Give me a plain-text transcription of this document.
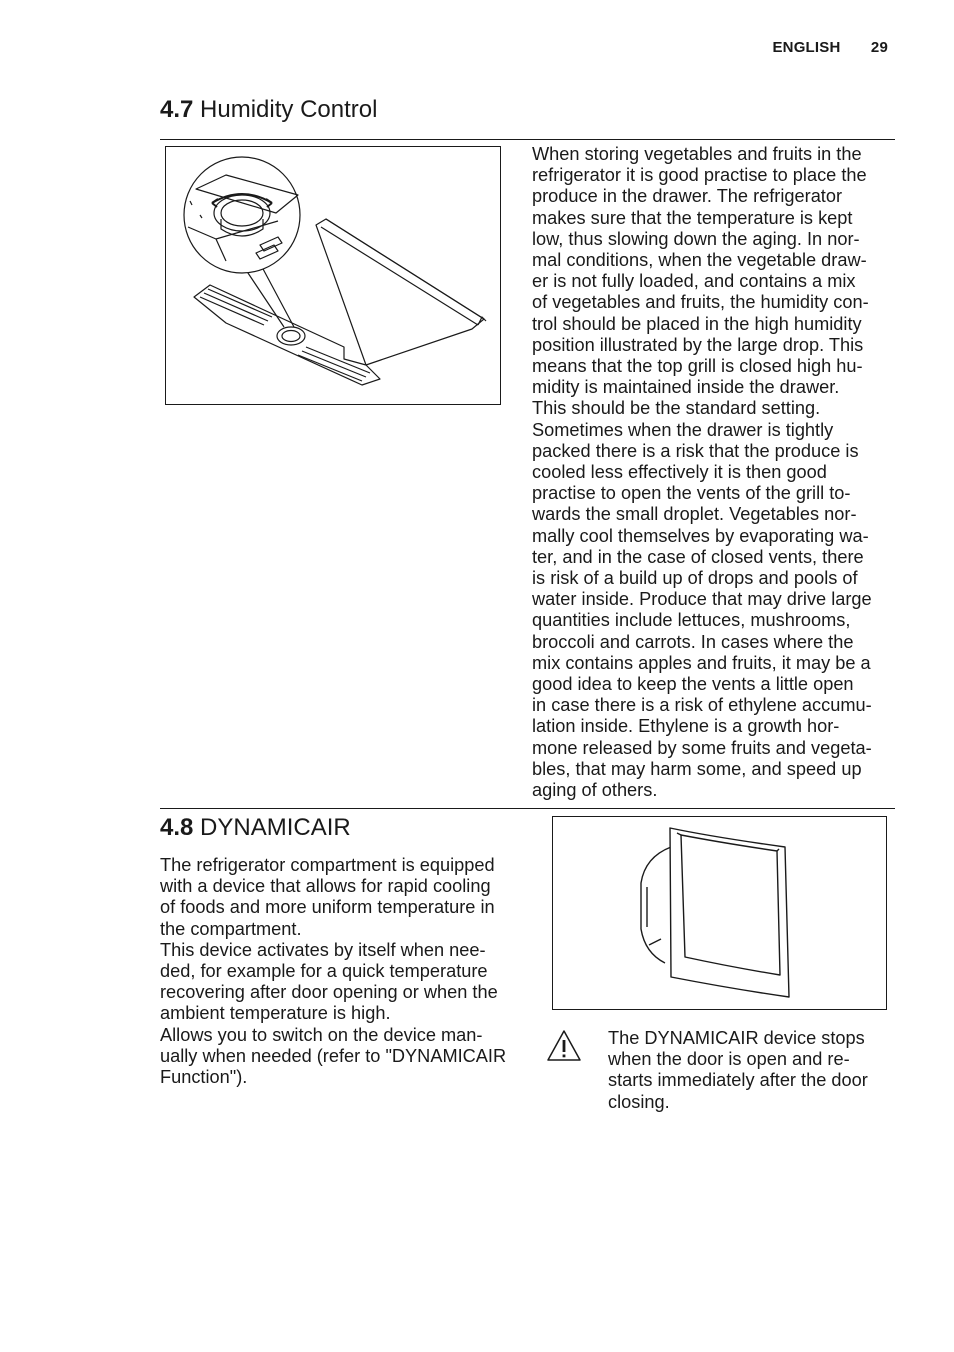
ENGLISH 29
4.7 Humidity Control

When storing vegetables and fruits in the
refrigerator it is good practise to place the
produce in the drawer. The refrigerator
makes sure that the temperature is kept
low, thus slowing down the aging. In nor-
mal conditions, when the vegetable draw-
er is not fully loaded, and contains a mix
of vegetables and fruits, the humidity con-
trol should be placed in the high humidity
position illustrated by the large drop. This
means that the top grill is closed high hu-
midity is maintained inside the drawer.
This should be the standard setting.
Sometimes when the drawer is tightly
packed there is a risk that the produce is
cooled less effectively it is then good
practise to open the vents of the grill to-
wards the small droplet. Vegetables nor-
mally cool themselves by evaporating wa-
ter, and in the case of closed vents, there
is risk of a build up of drops and pools of
water inside. Produce that may drive large
quantities include lettuces, mushrooms,
broccoli and carrots. In cases where the
mix contains apples and fruits, it may be a
good idea to keep the vents a little open
in case there is a risk of ethylene accumu-
lation inside. Ethylene is a growth hor-
mone released by some fruits and vegeta-
bles, that may harm some, and speed up
aging of others.

4.8 DYNAMICAIR

The refrigerator compartment is equipped
with a device that allows for rapid cooling
of foods and more uniform temperature in
the compartment.
This device activates by itself when nee-
ded, for example for a quick temperature
recovering after door opening or when the
ambient temperature is high.
Allows you to switch on the device man-
ually when needed (refer to "DYNAMICAIR
Function").

The DYNAMICAIR device stops
when the door is open and re-
starts immediately after the door
closing.
